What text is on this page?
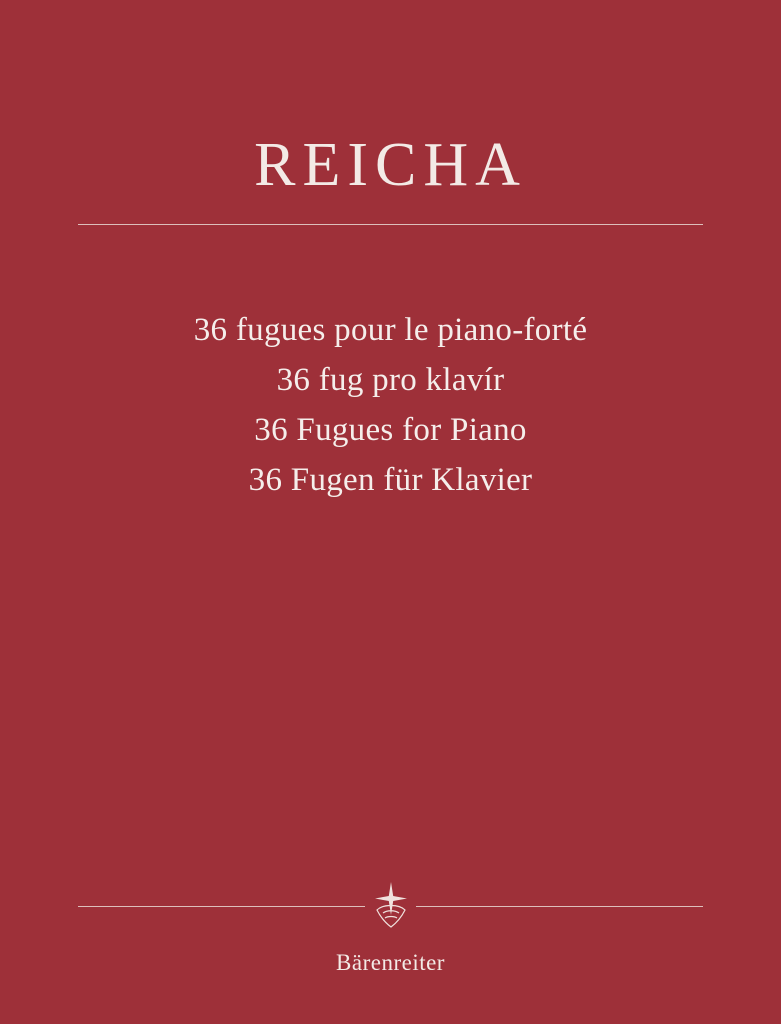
REICHA
36 fugues pour le piano-forté
36 fug pro klavír
36 Fugues for Piano
36 Fugen für Klavier
Bärenreiter
